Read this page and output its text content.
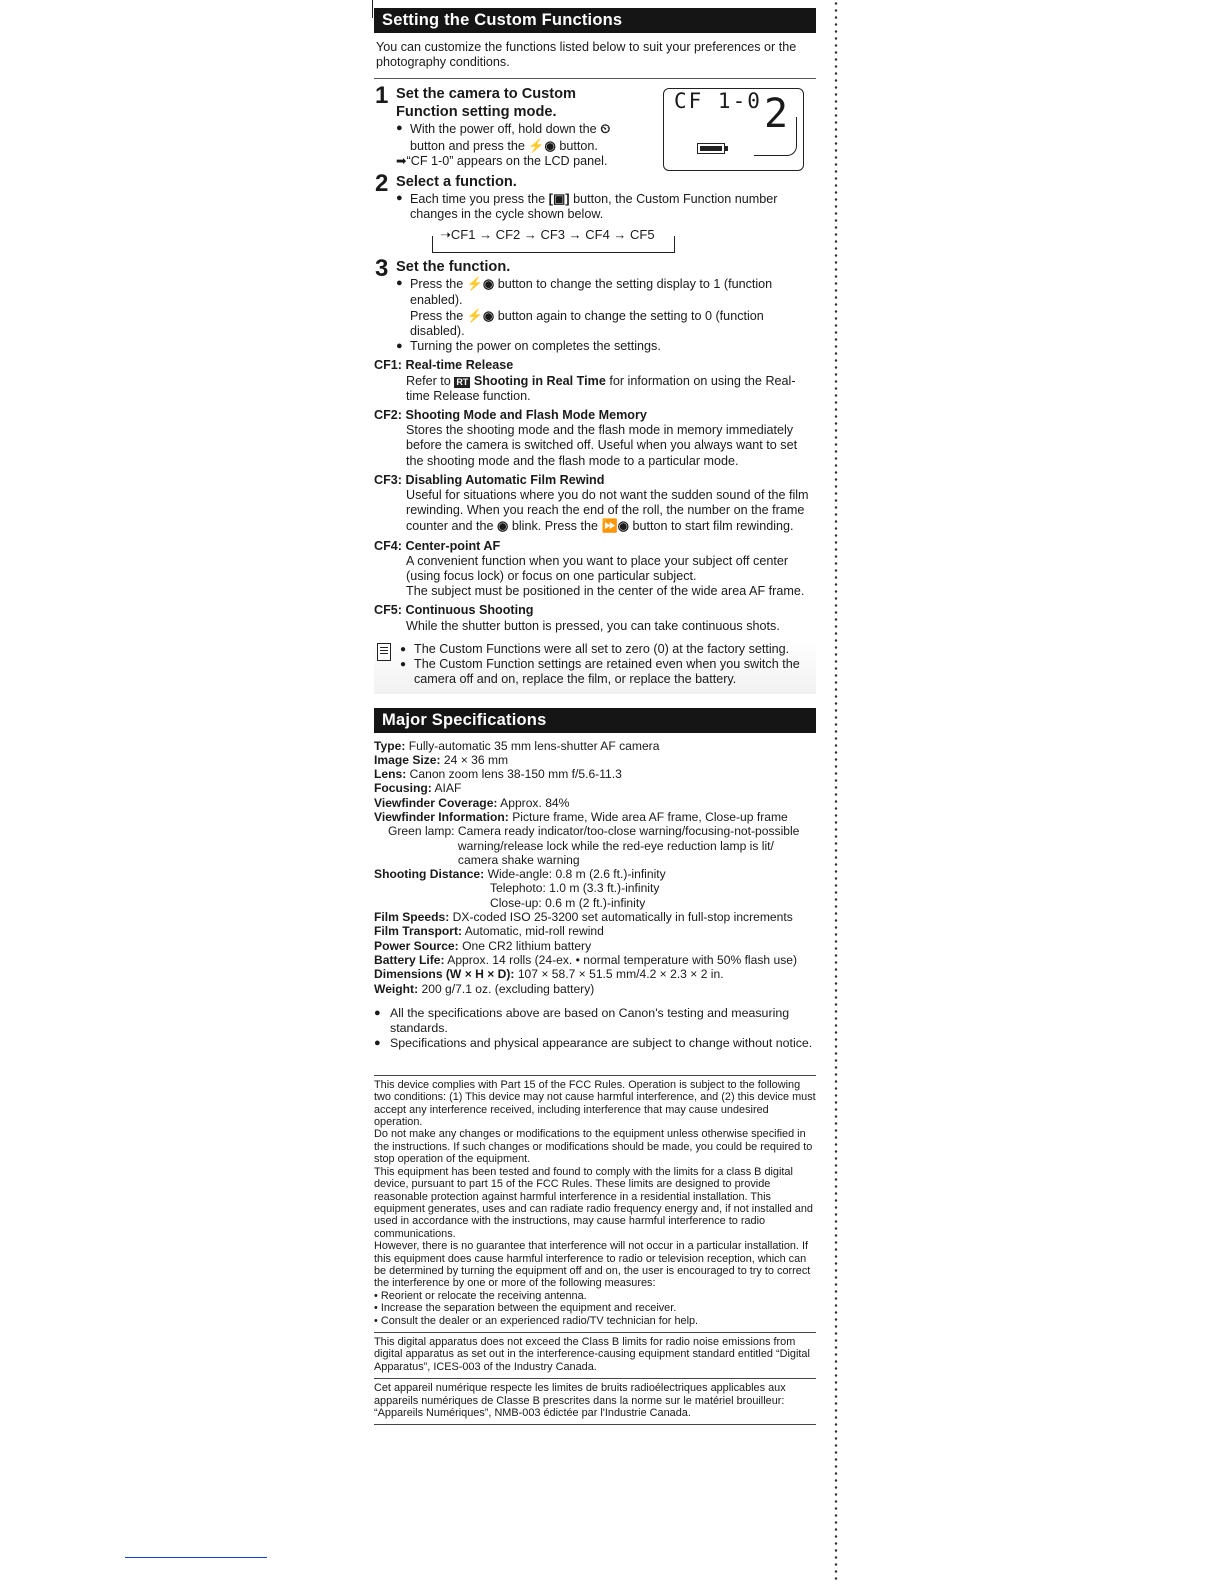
Setting the Custom Functions
You can customize the functions listed below to suit your preferences or the photography conditions.
CF 1-0 2
1 Set the camera to Custom Function setting mode.
● With the power off, hold down the ⏲ button and press the ⚡◉ button.
➡“CF 1-0” appears on the LCD panel.
2 Select a function.
● Each time you press the [▣] button, the Custom Function number changes in the cycle shown below.
➝CF1 → CF2 → CF3 → CF4 → CF5
3 Set the function.
● Press the ⚡◉ button to change the setting display to 1 (function enabled).
Press the ⚡◉ button again to change the setting to 0 (function disabled).
● Turning the power on completes the settings.
CF1: Real-time Release
Refer to RT Shooting in Real Time for information on using the Real-time Release function.
CF2: Shooting Mode and Flash Mode Memory
Stores the shooting mode and the flash mode in memory immediately before the camera is switched off. Useful when you always want to set the shooting mode and the flash mode to a particular mode.
CF3: Disabling Automatic Film Rewind
Useful for situations where you do not want the sudden sound of the film rewinding. When you reach the end of the roll, the number on the frame counter and the ◉ blink. Press the ⏩◉ button to start film rewinding.
CF4: Center-point AF
A convenient function when you want to place your subject off center (using focus lock) or focus on one particular subject.
The subject must be positioned in the center of the wide area AF frame.
CF5: Continuous Shooting
While the shutter button is pressed, you can take continuous shots.
● The Custom Functions were all set to zero (0) at the factory setting.
● The Custom Function settings are retained even when you switch the camera off and on, replace the film, or replace the battery.
Major Specifications
Type: Fully-automatic 35 mm lens-shutter AF camera
Image Size: 24 × 36 mm
Lens: Canon zoom lens 38-150 mm f/5.6-11.3
Focusing: AIAF
Viewfinder Coverage: Approx. 84%
Viewfinder Information: Picture frame, Wide area AF frame, Close-up frame
Green lamp:
Camera ready indicator/too-close warning/focusing-not-possible warning/release lock while the red-eye reduction lamp is lit/ camera shake warning
Shooting Distance: Wide-angle: 0.8 m (2.6 ft.)-infinity
Telephoto: 1.0 m (3.3 ft.)-infinity
Close-up: 0.6 m (2 ft.)-infinity
Film Speeds: DX-coded ISO 25-3200 set automatically in full-stop increments
Film Transport: Automatic, mid-roll rewind
Power Source: One CR2 lithium battery
Battery Life: Approx. 14 rolls (24-ex. • normal temperature with 50% flash use)
Dimensions (W × H × D): 107 × 58.7 × 51.5 mm/4.2 × 2.3 × 2 in.
Weight: 200 g/7.1 oz. (excluding battery)
● All the specifications above are based on Canon's testing and measuring standards.
● Specifications and physical appearance are subject to change without notice.

This device complies with Part 15 of the FCC Rules. Operation is subject to the following two conditions: (1) This device may not cause harmful interference, and (2) this device must accept any interference received, including interference that may cause undesired operation.

Do not make any changes or modifications to the equipment unless otherwise specified in the instructions. If such changes or modifications should be made, you could be required to stop operation of the equipment.

This equipment has been tested and found to comply with the limits for a class B digital device, pursuant to part 15 of the FCC Rules. These limits are designed to provide reasonable protection against harmful interference in a residential installation. This equipment generates, uses and can radiate radio frequency energy and, if not installed and used in accordance with the instructions, may cause harmful interference to radio communications.

However, there is no guarantee that interference will not occur in a particular installation. If this equipment does cause harmful interference to radio or television reception, which can be determined by turning the equipment off and on, the user is encouraged to try to correct the interference by one or more of the following measures:

• Reorient or relocate the receiving antenna.

• Increase the separation between the equipment and receiver.

• Consult the dealer or an experienced radio/TV technician for help.

This digital apparatus does not exceed the Class B limits for radio noise emissions from digital apparatus as set out in the interference-causing equipment standard entitled “Digital Apparatus”, ICES-003 of the Industry Canada.

Cet appareil numérique respecte les limites de bruits radioélectriques applicables aux appareils numériques de Classe B prescrites dans la norme sur le matériel brouilleur: “Appareils Numériques”, NMB-003 édictée par l'Industrie Canada.
